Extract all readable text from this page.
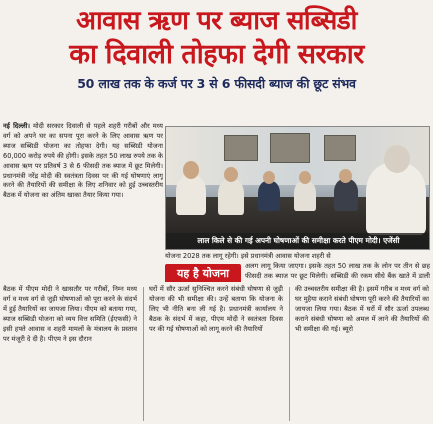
आवास ऋण पर ब्याज सब्सिडी
का दिवाली तोहफा देगी सरकार
50 लाख तक के कर्ज पर 3 से 6 फीसदी ब्याज की छूट संभव
नई दिल्ली। मोदी सरकार दिवाली से पहले शहरी गरीबों और मध्य वर्ग को अपने घर का सपना पूरा करने के लिए आवास ऋण पर ब्याज सब्सिडी योजना का तोहफा देगी। यह सब्सिडी योजना 60,000 करोड़ रुपये की होगी। इसके तहत 50 लाख रुपये तक के आवास ऋण पर प्रतिवर्ष 3 से 6 फीसदी तक ब्याज में छूट मिलेगी। प्रधानमंत्री नरेंद्र मोदी की स्वतंत्रता दिवस पर की गई घोषणाएं लागू करने की तैयारियों की समीक्षा के लिए शनिवार को हुई उच्चस्तरीय बैठक में योजना का अंतिम खाका तैयार किया गया।
लाल किले से की गई अपनी घोषणाओं की समीक्षा करते पीएम मोदी। एजेंसी
योजना 2028 तक लागू रहेगी। इसे प्रधानमंत्री आवास योजना शहरी से
यह है योजना
अलग लागू किया जाएगा। इसके तहत 50 लाख तक के लोन पर तीन से छह फीसदी तक ब्याज पर छूट मिलेगी। सब्सिडी की रकम सीधे बैंक खाते में डाली
बैठक में पीएम मोदी ने खासतौर पर गरीबों, निम्न मध्य वर्ग व मध्य वर्ग से जुड़ी घोषणाओं को पूरा करने के संदर्भ में हुई तैयारियों का जायजा लिया। पीएम को बताया गया, ब्याज सब्सिडी योजना को व्यय वित्त समिति (ईएफसी) ने इसी हफ्ते आवास व शहरी मामलों के मंत्रालय के प्रस्ताव पर मंजूरी दे दी है। पीएम ने इस दौरान
घरों में सौर ऊर्जा सुनिश्चित करने संबंधी घोषणा से जुड़ी योजना की भी समीक्षा की। उन्हें बताया कि योजना के लिए भी नीति बना ली गई है। प्रधानमंत्री कार्यालय ने बैठक के संदर्भ में कहा, पीएम मोदी ने स्वतंत्रता दिवस पर की गई घोषणाओं को लागू करने की तैयारियों
की उच्चस्तरीय समीक्षा की है। इसमें गरीब व मध्य वर्ग को घर मुहैया कराने संबंधी घोषणा पूरी करने की तैयारियों का जायजा लिया गया। बैठक में घरों में सौर ऊर्जा उपलब्ध कराने संबंधी घोषणा को अमल में लाने की तैयारियों की भी समीक्षा की गई। ब्यूरो
